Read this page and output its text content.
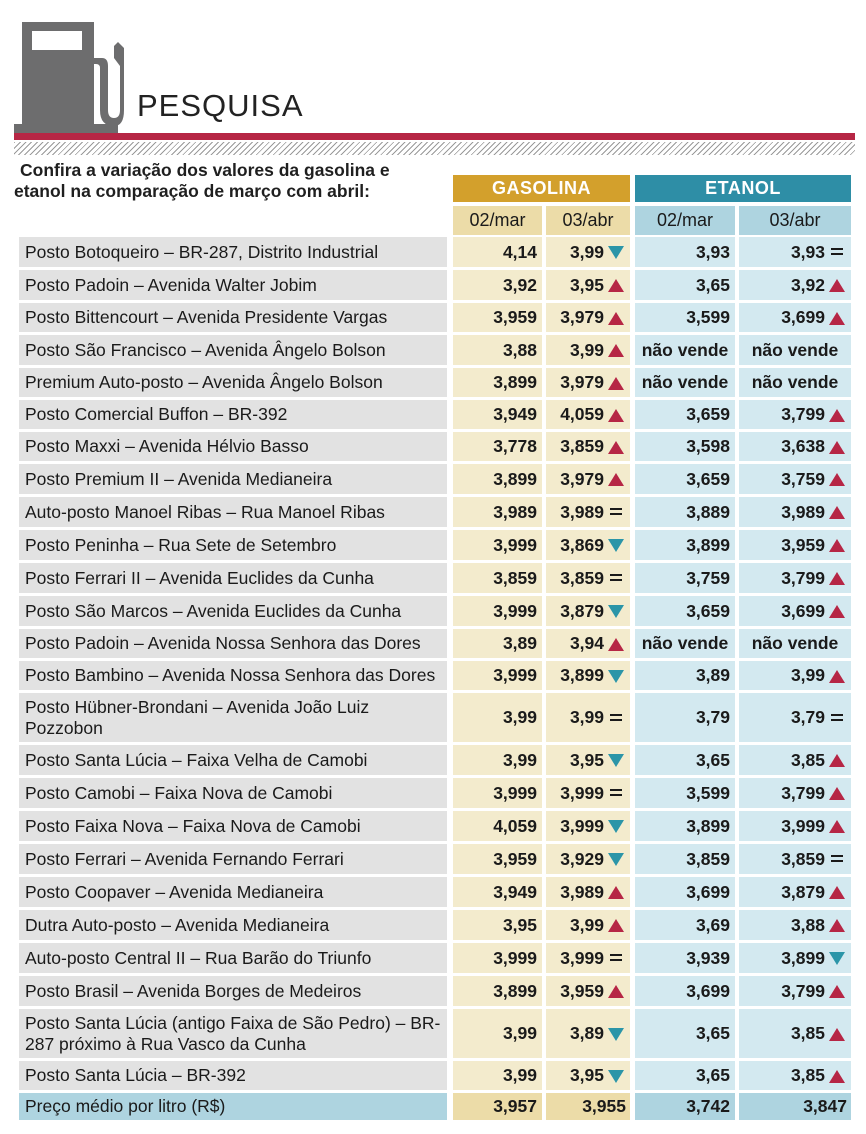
PESQUISA
Confira a variação dos valores da gasolina e
etanol na comparação de março com abril:	GASOLINA	ETANOL
02/mar	03/abr	02/mar	03/abr
Posto Botoqueiro – BR-287, Distrito Industrial	4,14 3,99	3,93	3,93
Posto Padoin – Avenida Walter Jobim	3,92 3,95	3,65	3,92
Posto Bittencourt – Avenida Presidente Vargas	3,959 3,979	3,599	3,699
Posto São Francisco – Avenida Ângelo Bolson	3,88 3,99 não vende não vende
Premium Auto-posto – Avenida Ângelo Bolson	3,899 3,979 não vende não vende
Posto Comercial Buffon – BR-392	3,949 4,059	3,659	3,799
Posto Maxxi – Avenida Hélvio Basso	3,778 3,859	3,598	3,638
Posto Premium II – Avenida Medianeira	3,899 3,979	3,659	3,759
Auto-posto Manoel Ribas – Rua Manoel Ribas	3,989 3,989	3,889	3,989
Posto Peninha – Rua Sete de Setembro	3,999 3,869	3,899	3,959
Posto Ferrari II – Avenida Euclides da Cunha	3,859 3,859	3,759	3,799
Posto São Marcos – Avenida Euclides da Cunha	3,999 3,879	3,659	3,699
Posto Padoin – Avenida Nossa Senhora das Dores	3,89 3,94 não vende não vende
Posto Bambino – Avenida Nossa Senhora das Dores	3,999 3,899	3,89	3,99
Posto Hübner-Brondani – Avenida João Luiz Pozzobon
3,99 3,99	3,79	3,79
Posto Santa Lúcia – Faixa Velha de Camobi	3,99 3,95	3,65	3,85
Posto Camobi – Faixa Nova de Camobi	3,999 3,999	3,599	3,799
Posto Faixa Nova – Faixa Nova de Camobi	4,059 3,999	3,899	3,999
Posto Ferrari – Avenida Fernando Ferrari	3,959 3,929	3,859	3,859
Posto Coopaver – Avenida Medianeira	3,949 3,989	3,699	3,879
Dutra Auto-posto – Avenida Medianeira	3,95 3,99	3,69	3,88
Auto-posto Central II – Rua Barão do Triunfo	3,999 3,999	3,939	3,899
Posto Brasil – Avenida Borges de Medeiros	3,899 3,959	3,699	3,799
Posto Santa Lúcia (antigo Faixa de São Pedro) – BR-287 próximo à Rua Vasco da Cunha
3,99 3,89	3,65	3,85
Posto Santa Lúcia – BR-392	3,99 3,95	3,65	3,85
Preço médio por litro (R$)	3,957	3,955	3,742	3,847
